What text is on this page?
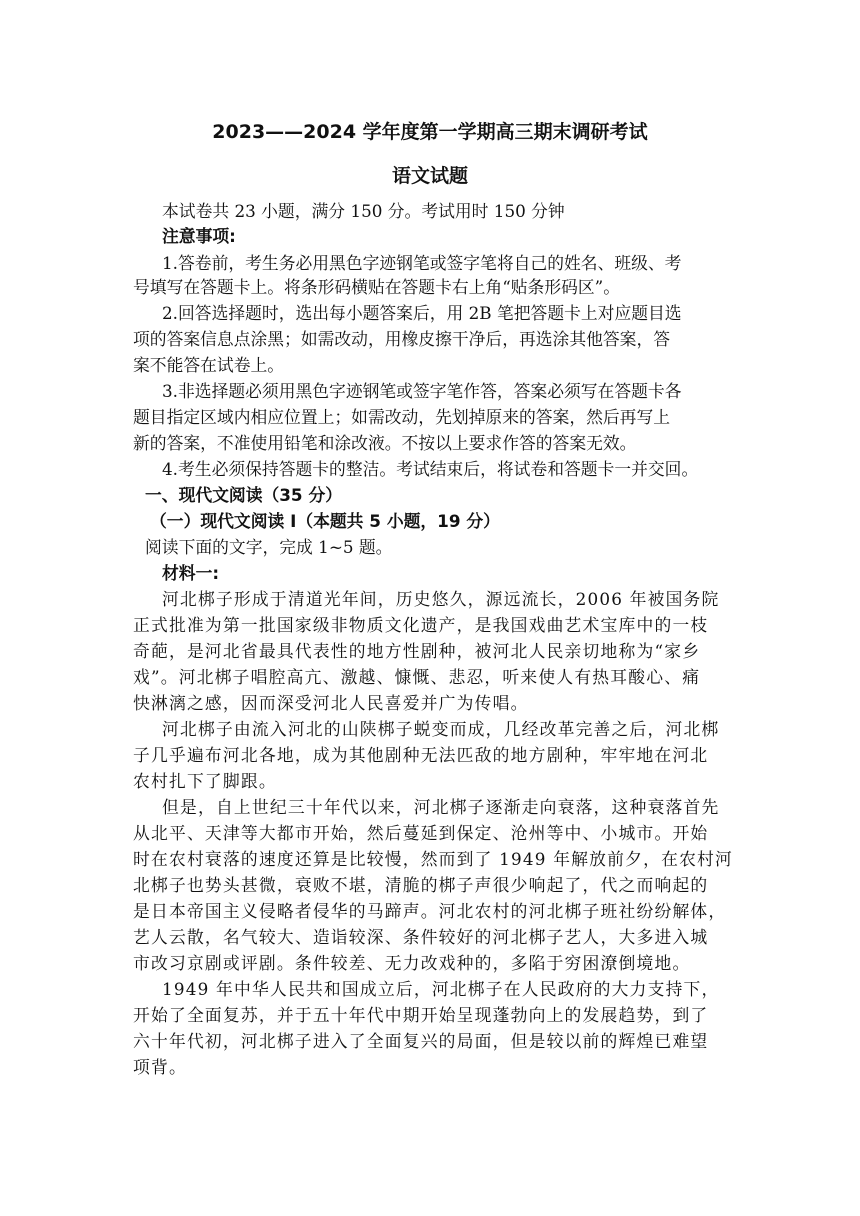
2023——2024 学年度第一学期高三期末调研考试
语文试题
本试卷共 23 小题，满分 150 分。考试用时 150 分钟
注意事项:
1.答卷前，考生务必用黑色字迹钢笔或签字笔将自己的姓名、班级、考
号填写在答题卡上。将条形码横贴在答题卡右上角“贴条形码区”。
2.回答选择题时，选出每小题答案后，用 2B 笔把答题卡上对应题目选
项的答案信息点涂黑；如需改动，用橡皮擦干净后，再选涂其他答案，答
案不能答在试卷上。
3.非选择题必须用黑色字迹钢笔或签字笔作答，答案必须写在答题卡各
题目指定区域内相应位置上；如需改动，先划掉原来的答案，然后再写上
新的答案，不准使用铅笔和涂改液。不按以上要求作答的答案无效。
4.考生必须保持答题卡的整洁。考试结束后，将试卷和答题卡一并交回。
一、现代文阅读（35 分）
（一）现代文阅读 I（本题共 5 小题，19 分）
阅读下面的文字，完成 1~5 题。
材料一:
河北梆子形成于清道光年间，历史悠久，源远流长，2006 年被国务院
正式批准为第一批国家级非物质文化遗产，是我国戏曲艺术宝库中的一枝
奇葩，是河北省最具代表性的地方性剧种，被河北人民亲切地称为“家乡
戏”。河北梆子唱腔高亢、激越、慷慨、悲忍，听来使人有热耳酸心、痛
快淋漓之感，因而深受河北人民喜爱并广为传唱。
河北梆子由流入河北的山陕梆子蜕变而成，几经改革完善之后，河北梆
子几乎遍布河北各地，成为其他剧种无法匹敌的地方剧种，牢牢地在河北
农村扎下了脚跟。
但是，自上世纪三十年代以来，河北梆子逐渐走向衰落，这种衰落首先
从北平、天津等大都市开始，然后蔓延到保定、沧州等中、小城市。开始
时在农村衰落的速度还算是比较慢，然而到了 1949 年解放前夕，在农村河
北梆子也势头甚微，衰败不堪，清脆的梆子声很少响起了，代之而响起的
是日本帝国主义侵略者侵华的马蹄声。河北农村的河北梆子班社纷纷解体，
艺人云散，名气较大、造诣较深、条件较好的河北梆子艺人，大多进入城
市改习京剧或评剧。条件较差、无力改戏种的，多陷于穷困潦倒境地。
1949 年中华人民共和国成立后，河北梆子在人民政府的大力支持下，
开始了全面复苏，并于五十年代中期开始呈现蓬勃向上的发展趋势，到了
六十年代初，河北梆子进入了全面复兴的局面，但是较以前的辉煌已难望
项背。
